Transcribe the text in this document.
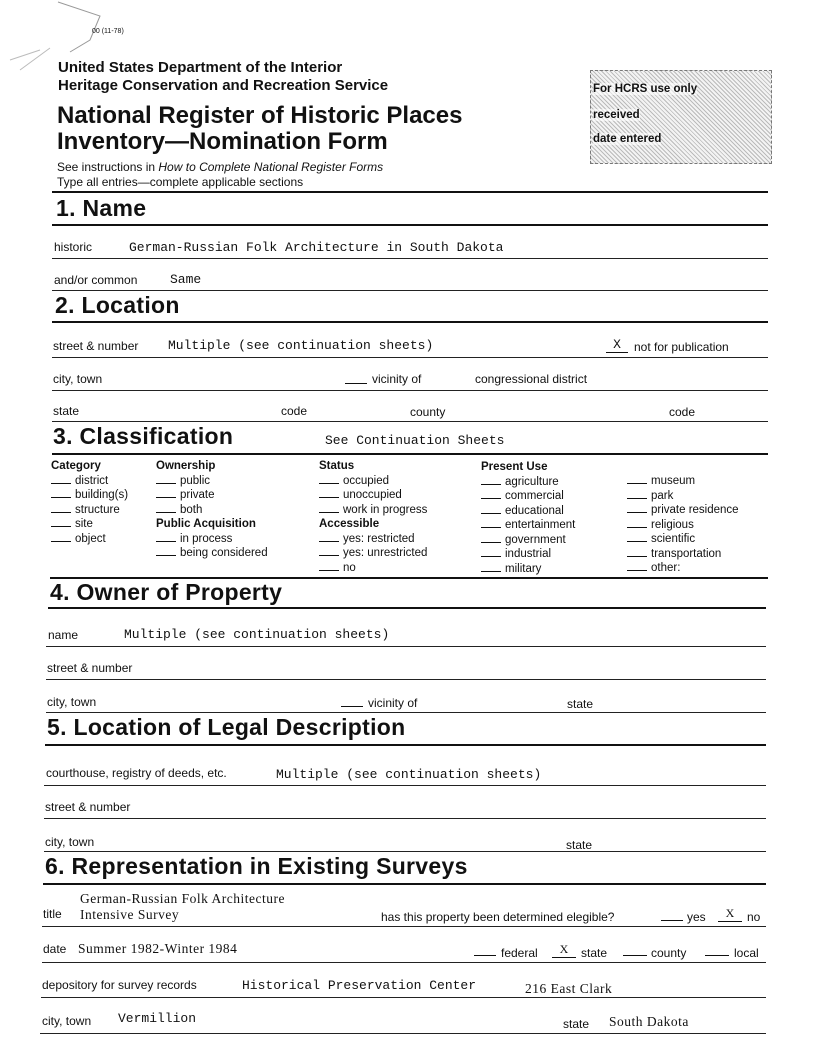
00 (11-78)
United States Department of the Interior
Heritage Conservation and Recreation Service
National Register of Historic Places
Inventory—Nomination Form
See instructions in How to Complete National Register Forms
Type all entries—complete applicable sections
For HCRS use only
received
date entered
1. Name
historic	German-Russian Folk Architecture in South Dakota
and/or common	Same
2. Location
street & number Multiple (see continuation sheets)	X	not for publication
city, town	vicinity of	congressional district
state	code	county	code
3. Classification	See Continuation Sheets
Category
district
building(s)
structure
site
object
Ownership
public
private
both
Public Acquisition
in process
being considered
Status
occupied
unoccupied
work in progress
Accessible
yes: restricted
yes: unrestricted
no
Present Use
agriculture
commercial
educational
entertainment
government
industrial
military
museum
park
private residence
religious
scientific
transportation
other:
4. Owner of Property
name	Multiple (see continuation sheets)
street & number
city, town	vicinity of	state
5. Location of Legal Description
courthouse, registry of deeds, etc.	Multiple (see continuation sheets)
street & number
city, town	state
6. Representation in Existing Surveys
German-Russian Folk Architecture
title Intensive Survey	has this property been determined elegible?	yes	X	no
date Summer 1982-Winter 1984	federal	X	state	county	local
depository for survey records	Historical Preservation Center	216 East Clark
city, town Vermillion	state South Dakota
